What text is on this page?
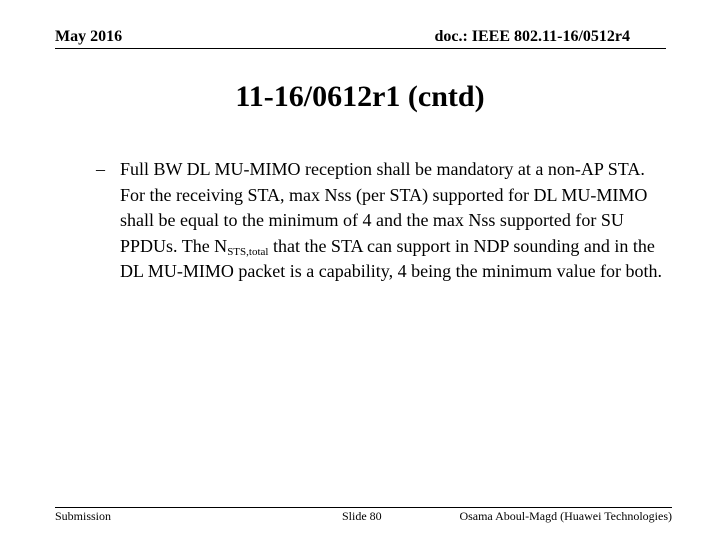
May 2016	doc.: IEEE 802.11-16/0512r4
11-16/0612r1 (cntd)
– Full BW DL MU-MIMO reception shall be mandatory at a non-AP STA. For the receiving STA, max Nss (per STA) supported for DL MU-MIMO shall be equal to the minimum of 4 and the max Nss supported for SU PPDUs. The $N_{STS,total}$ that the STA can support in NDP sounding and in the DL MU-MIMO packet is a capability, 4 being the minimum value for both.
Submission	Slide 80	Osama Aboul-Magd (Huawei Technologies)
